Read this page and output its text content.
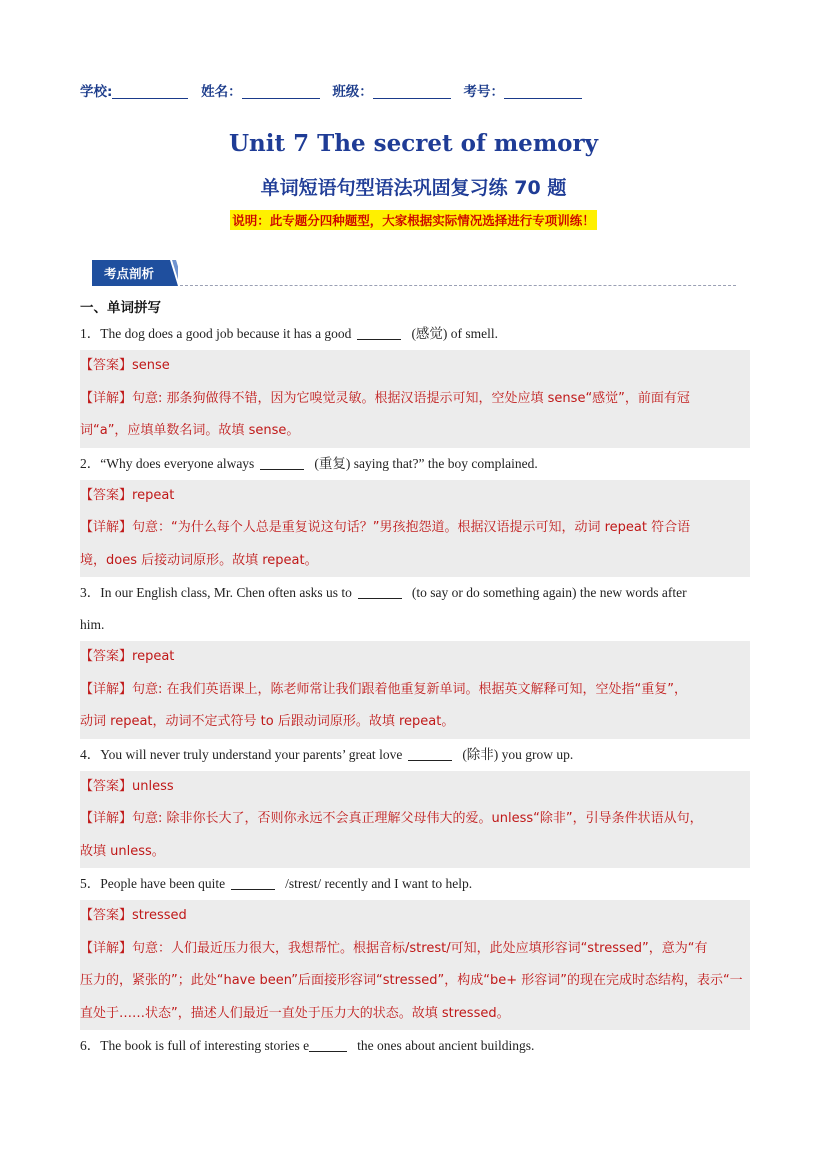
学校:	姓名：	班级：	考号：
Unit 7 The secret of memory
单词短语句型语法巩固复习练 70 题
说明：此专题分四种题型，大家根据实际情况选择进行专项训练！
考点剖析
一、单词拼写

1．The dog does a good job because it has a good	(感觉) of smell.

【答案】sense

【详解】句意: 那条狗做得不错，因为它嗅觉灵敏。根据汉语提示可知，空处应填 sense“感觉”，前面有冠

词“a”，应填单数名词。故填 sense。

2．“Why does everyone always	(重复) saying that?” the boy complained.

【答案】repeat

【详解】句意：“为什么每个人总是重复说这句话？”男孩抱怨道。根据汉语提示可知，动词 repeat 符合语

境，does 后接动词原形。故填 repeat。

3．In our English class, Mr. Chen often asks us to	(to say or do something again) the new words after

him.

【答案】repeat

【详解】句意: 在我们英语课上，陈老师常让我们跟着他重复新单词。根据英文解释可知，空处指“重复”，

动词 repeat，动词不定式符号 to 后跟动词原形。故填 repeat。

4．You will never truly understand your parents’ great love	(除非) you grow up.

【答案】unless

【详解】句意: 除非你长大了，否则你永远不会真正理解父母伟大的爱。unless“除非”，引导条件状语从句，

故填 unless。

5．People have been quite	/strest/ recently and I want to help.

【答案】stressed

【详解】句意：人们最近压力很大，我想帮忙。根据音标/strest/可知，此处应填形容词“stressed”，意为“有

压力的，紧张的”；此处“have been”后面接形容词“stressed”，构成“be+ 形容词”的现在完成时态结构，表示“一

直处于……状态”，描述人们最近一直处于压力大的状态。故填 stressed。

6．The book is full of interesting stories e	the ones about ancient buildings.
